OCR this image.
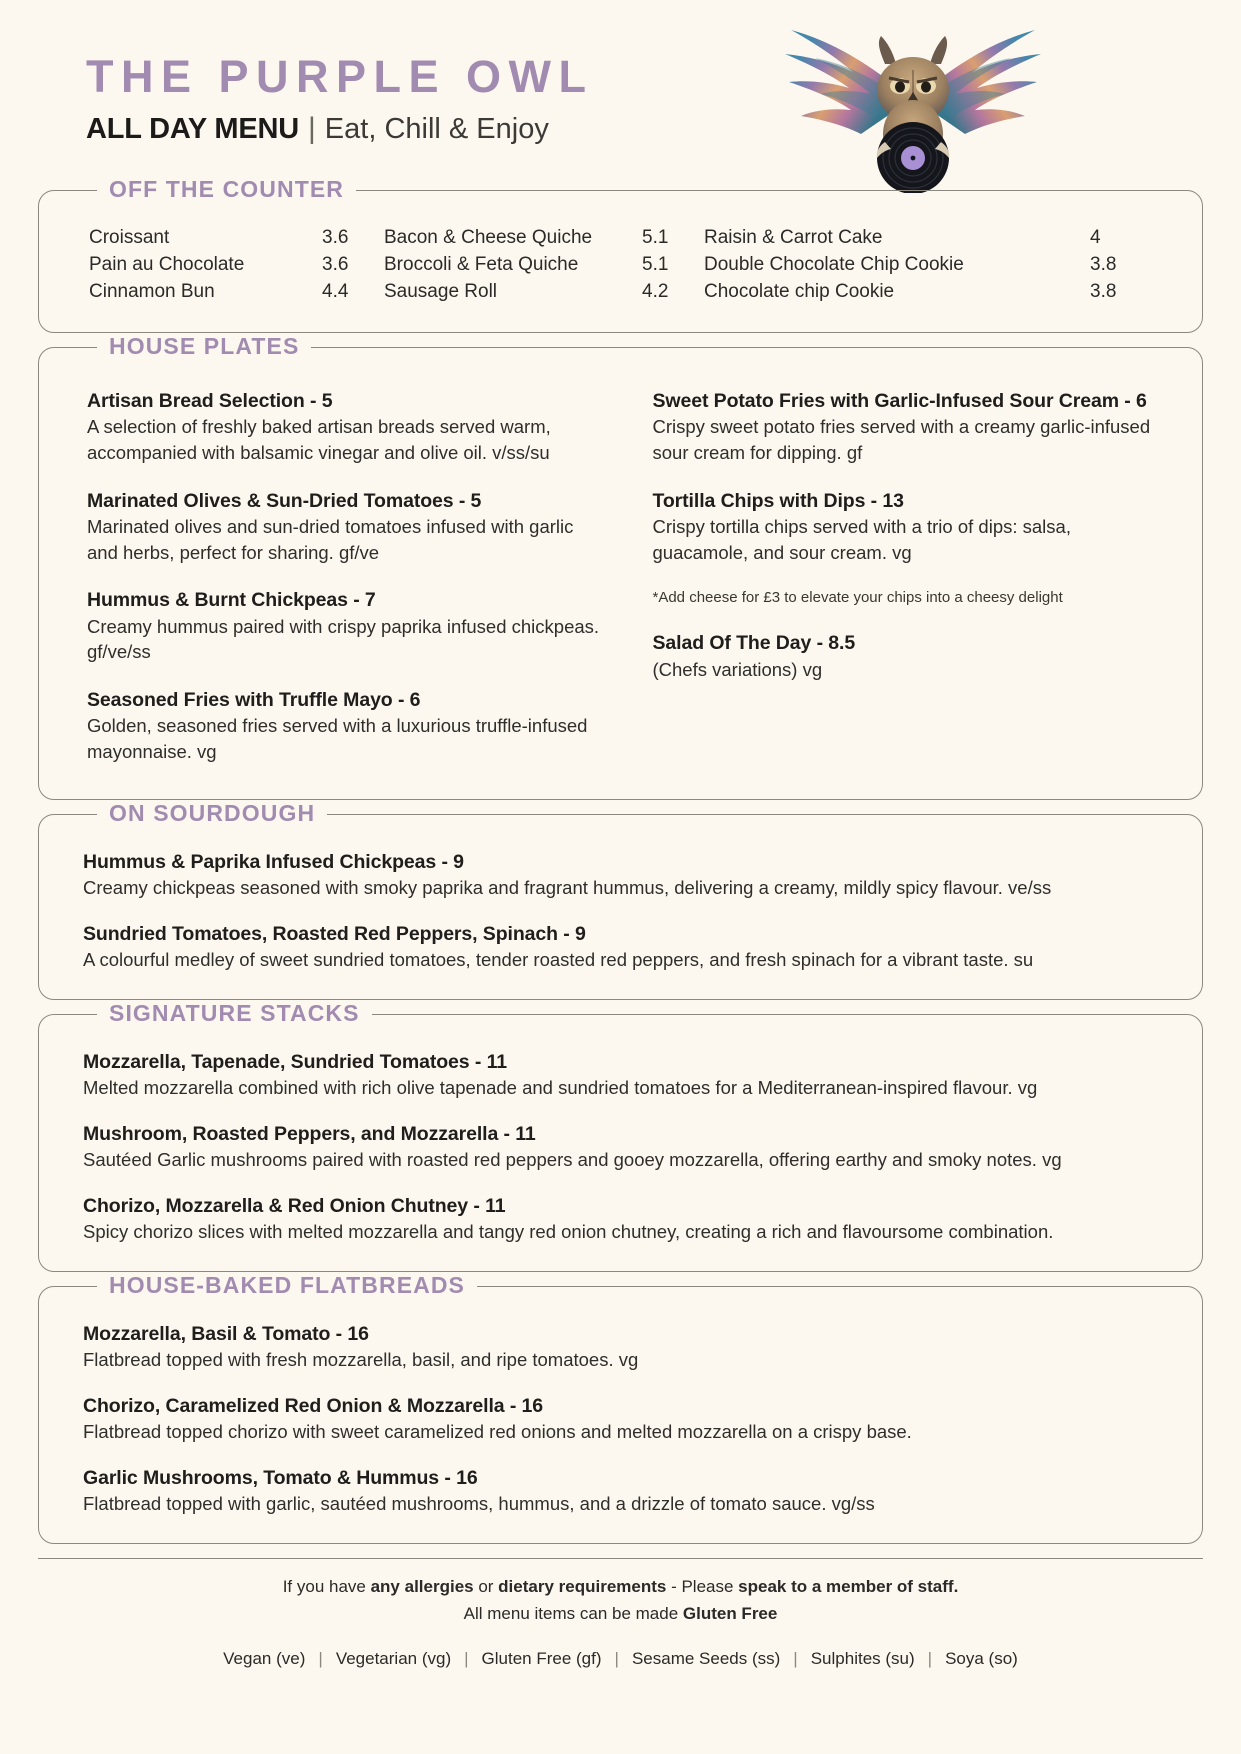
THE PURPLE OWL
ALL DAY MENU | Eat, Chill & Enjoy
OFF THE COUNTER
Croissant
Pain au Chocolate
Cinnamon Bun
3.6
3.6
4.4
Bacon & Cheese Quiche
Broccoli & Feta Quiche
Sausage Roll
5.1
5.1
4.2
Raisin & Carrot Cake
Double Chocolate Chip Cookie
Chocolate chip Cookie
4
3.8
3.8
HOUSE PLATES
Artisan Bread Selection - 5
A selection of freshly baked artisan breads served warm, accompanied with balsamic vinegar and olive oil. v/ss/su
Marinated Olives & Sun-Dried Tomatoes - 5
Marinated olives and sun-dried tomatoes infused with garlic and herbs, perfect for sharing. gf/ve
Hummus & Burnt Chickpeas - 7
Creamy hummus paired with crispy paprika infused chickpeas. gf/ve/ss
Seasoned Fries with Truffle Mayo - 6
Golden, seasoned fries served with a luxurious truffle-infused mayonnaise. vg
Sweet Potato Fries with Garlic-Infused Sour Cream - 6
Crispy sweet potato fries served with a creamy garlic-infused sour cream for dipping. gf
Tortilla Chips with Dips - 13
Crispy tortilla chips served with a trio of dips: salsa, guacamole, and sour cream. vg
*Add cheese for £3 to elevate your chips into a cheesy delight
Salad Of The Day - 8.5
(Chefs variations) vg
ON SOURDOUGH
Hummus & Paprika Infused Chickpeas - 9
Creamy chickpeas seasoned with smoky paprika and fragrant hummus, delivering a creamy, mildly spicy flavour. ve/ss
Sundried Tomatoes, Roasted Red Peppers, Spinach - 9
A colourful medley of sweet sundried tomatoes, tender roasted red peppers, and fresh spinach for a vibrant taste. su
SIGNATURE STACKS
Mozzarella, Tapenade, Sundried Tomatoes - 11
Melted mozzarella combined with rich olive tapenade and sundried tomatoes for a Mediterranean-inspired flavour. vg
Mushroom, Roasted Peppers, and Mozzarella - 11
Sautéed Garlic mushrooms paired with roasted red peppers and gooey mozzarella, offering earthy and smoky notes. vg
Chorizo, Mozzarella & Red Onion Chutney - 11
Spicy chorizo slices with melted mozzarella and tangy red onion chutney, creating a rich and flavoursome combination.
HOUSE-BAKED FLATBREADS
Mozzarella, Basil & Tomato - 16
Flatbread topped with fresh mozzarella, basil, and ripe tomatoes. vg
Chorizo, Caramelized Red Onion & Mozzarella - 16
Flatbread topped chorizo with sweet caramelized red onions and melted mozzarella on a crispy base.
Garlic Mushrooms, Tomato & Hummus - 16
Flatbread topped with garlic, sautéed mushrooms, hummus, and a drizzle of tomato sauce. vg/ss
If you have any allergies or dietary requirements - Please speak to a member of staff.
All menu items can be made Gluten Free
Vegan (ve) | Vegetarian (vg) | Gluten Free (gf) | Sesame Seeds (ss) | Sulphites (su) | Soya (so)
